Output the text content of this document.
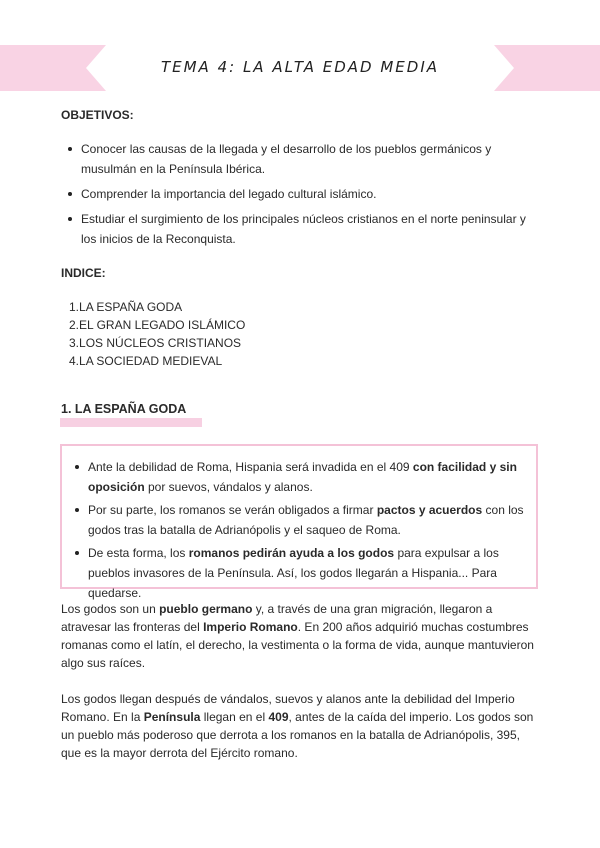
TEMA 4: LA ALTA EDAD MEDIA
OBJETIVOS:
Conocer las causas de la llegada y el desarrollo de los pueblos germánicos y musulmán en la Península Ibérica.
Comprender la importancia del legado cultural islámico.
Estudiar el surgimiento de los principales núcleos cristianos en el norte peninsular y los inicios de la Reconquista.
INDICE:
1.LA ESPAÑA GODA
2.EL GRAN LEGADO ISLÁMICO
3.LOS NÚCLEOS CRISTIANOS
4.LA SOCIEDAD MEDIEVAL
1. LA ESPAÑA GODA
Ante la debilidad de Roma, Hispania será invadida en el 409 con facilidad y sin oposición por suevos, vándalos y alanos.
Por su parte, los romanos se verán obligados a firmar pactos y acuerdos con los godos tras la batalla de Adrianópolis y el saqueo de Roma.
De esta forma, los romanos pedirán ayuda a los godos para expulsar a los pueblos invasores de la Península. Así, los godos llegarán a Hispania... Para quedarse.

Los godos son un pueblo germano y, a través de una gran migración, llegaron a atravesar las fronteras del Imperio Romano. En 200 años adquirió muchas costumbres romanas como el latín, el derecho, la vestimenta o la forma de vida, aunque mantuvieron algo sus raíces.

Los godos llegan después de vándalos, suevos y alanos ante la debilidad del Imperio Romano. En la Península llegan en el 409, antes de la caída del imperio. Los godos son un pueblo más poderoso que derrota a los romanos en la batalla de Adrianópolis, 395, que es la mayor derrota del Ejército romano.
